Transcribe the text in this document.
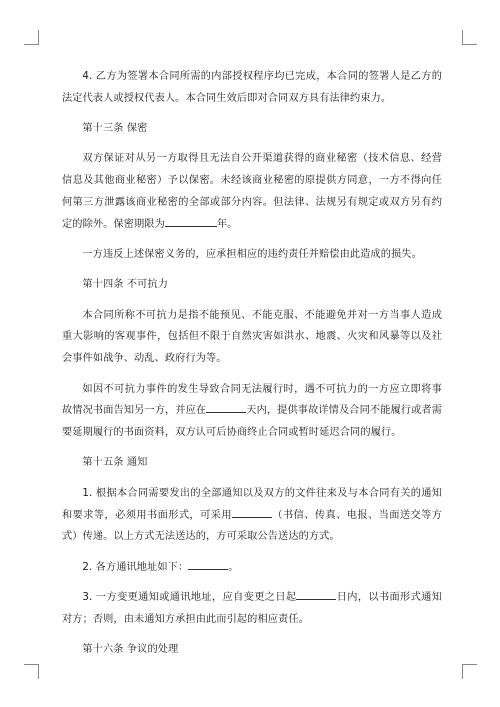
4. 乙方为签署本合同所需的内部授权程序均已完成，本合同的签署人是乙方的法定代表人或授权代表人。本合同生效后即对合同双方具有法律约束力。

第十三条 保密

双方保证对从另一方取得且无法自公开渠道获得的商业秘密（技术信息、经营信息及其他商业秘密）予以保密。未经该商业秘密的原提供方同意，一方不得向任何第三方泄露该商业秘密的全部或部分内容。但法律、法规另有规定或双方另有约定的除外。保密期限为	年。

一方违反上述保密义务的，应承担相应的违约责任并赔偿由此造成的损失。

第十四条 不可抗力

本合同所称不可抗力是指不能预见、不能克服、不能避免并对一方当事人造成重大影响的客观事件，包括但不限于自然灾害如洪水、地震、火灾和风暴等以及社会事件如战争、动乱、政府行为等。

如因不可抗力事件的发生导致合同无法履行时，遇不可抗力的一方应立即将事故情况书面告知另一方，并应在	天内，提供事故详情及合同不能履行或者需要延期履行的书面资料，双方认可后协商终止合同或暂时延迟合同的履行。

第十五条 通知

1. 根据本合同需要发出的全部通知以及双方的文件往来及与本合同有关的通知和要求等，必须用书面形式，可采用	（书信、传真、电报、当面送交等方式）传递。以上方式无法送达的，方可采取公告送达的方式。

2. 各方通讯地址如下：	。

3. 一方变更通知或通讯地址，应自变更之日起	日内，以书面形式通知对方；否则，由未通知方承担由此而引起的相应责任。

第十六条 争议的处理
